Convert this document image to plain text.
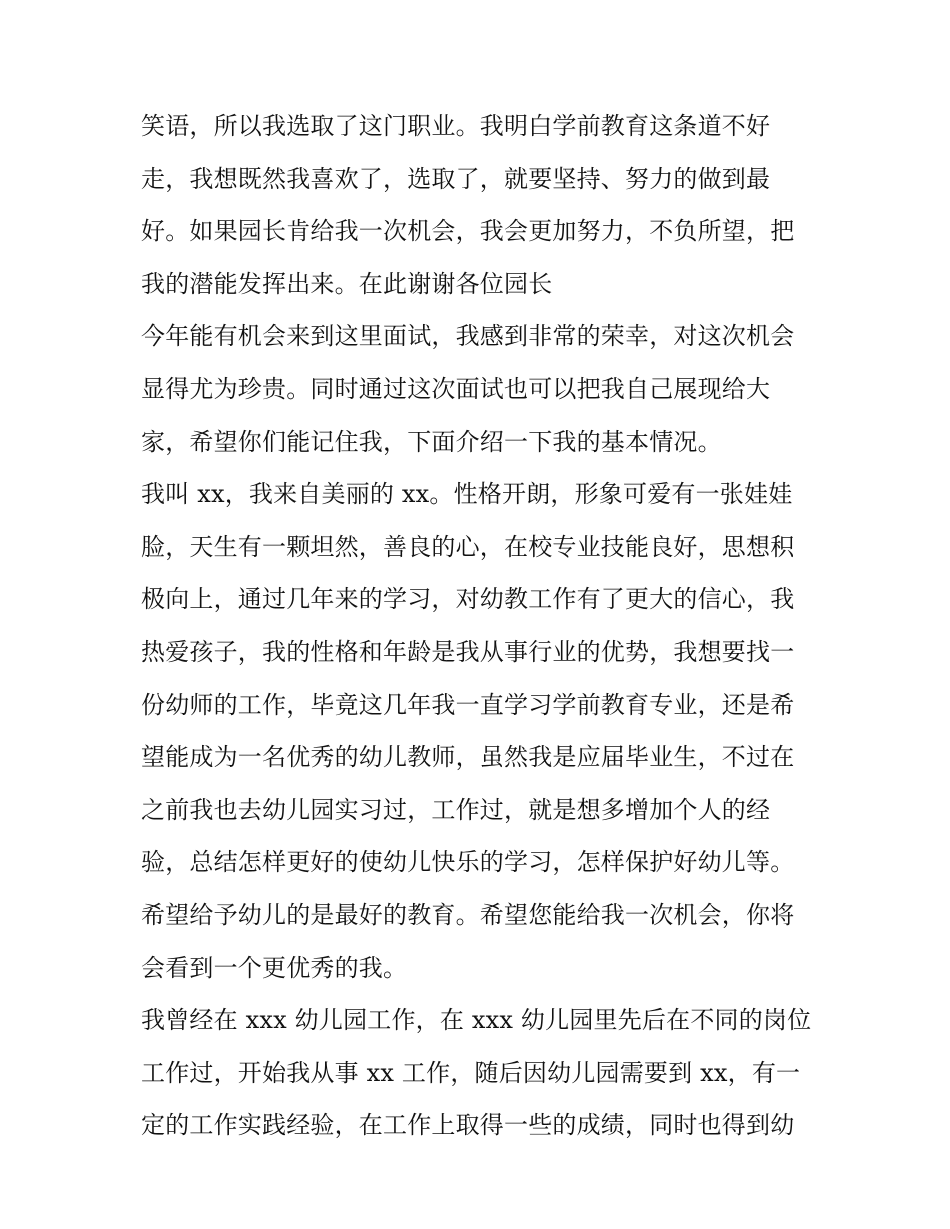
笑语，所以我选取了这门职业。我明白学前教育这条道不好
走，我想既然我喜欢了，选取了，就要坚持、努力的做到最
好。如果园长肯给我一次机会，我会更加努力，不负所望，把
我的潜能发挥出来。在此谢谢各位园长
今年能有机会来到这里面试，我感到非常的荣幸，对这次机会
显得尤为珍贵。同时通过这次面试也可以把我自己展现给大
家，希望你们能记住我，下面介绍一下我的基本情况。
我叫 xx，我来自美丽的 xx。性格开朗，形象可爱有一张娃娃
脸，天生有一颗坦然，善良的心，在校专业技能良好，思想积
极向上，通过几年来的学习，对幼教工作有了更大的信心，我
热爱孩子，我的性格和年龄是我从事行业的优势，我想要找一
份幼师的工作，毕竟这几年我一直学习学前教育专业，还是希
望能成为一名优秀的幼儿教师，虽然我是应届毕业生，不过在
之前我也去幼儿园实习过，工作过，就是想多增加个人的经
验，总结怎样更好的使幼儿快乐的学习，怎样保护好幼儿等。
希望给予幼儿的是最好的教育。希望您能给我一次机会，你将
会看到一个更优秀的我。
我曾经在 xxx 幼儿园工作，在 xxx 幼儿园里先后在不同的岗位
工作过，开始我从事 xx 工作，随后因幼儿园需要到 xx，有一
定的工作实践经验，在工作上取得一些的成绩，同时也得到幼
